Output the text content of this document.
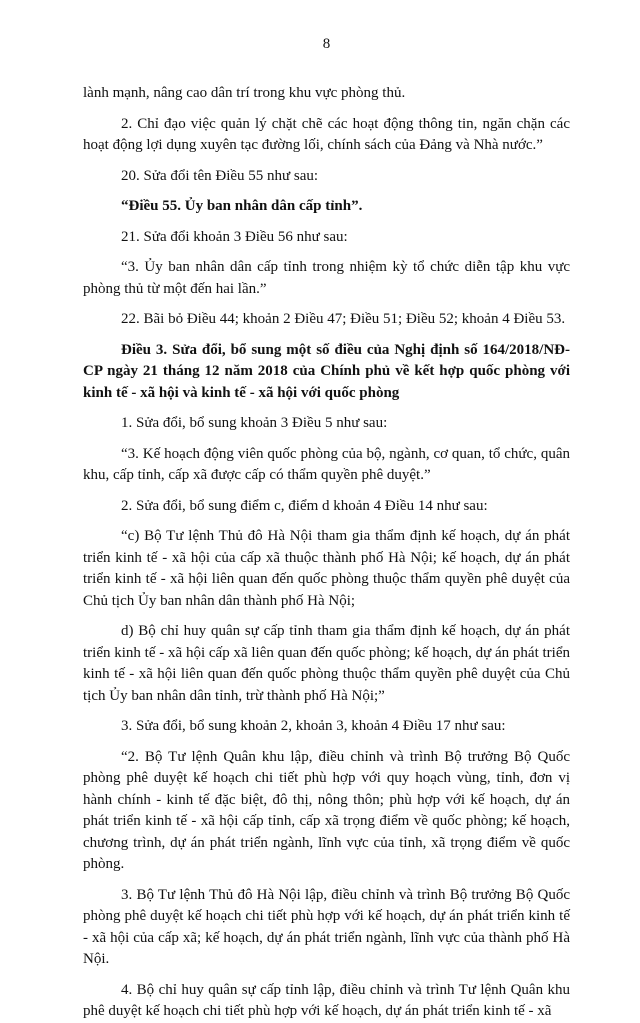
8

lành mạnh, nâng cao dân trí trong khu vực phòng thủ.

2. Chỉ đạo việc quản lý chặt chẽ các hoạt động thông tin, ngăn chặn các hoạt động lợi dụng xuyên tạc đường lối, chính sách của Đảng và Nhà nước.”

20. Sửa đổi tên Điều 55 như sau:

“Điều 55. Ủy ban nhân dân cấp tỉnh”.

21. Sửa đổi khoản 3 Điều 56 như sau:

“3. Ủy ban nhân dân cấp tỉnh trong nhiệm kỳ tổ chức diễn tập khu vực phòng thủ từ một đến hai lần.”

22. Bãi bỏ Điều 44; khoản 2 Điều 47; Điều 51; Điều 52; khoản 4 Điều 53.

Điều 3. Sửa đổi, bổ sung một số điều của Nghị định số 164/2018/NĐ-CP ngày 21 tháng 12 năm 2018 của Chính phủ về kết hợp quốc phòng với kinh tế - xã hội và kinh tế - xã hội với quốc phòng

1. Sửa đổi, bổ sung khoản 3 Điều 5 như sau:

“3. Kế hoạch động viên quốc phòng của bộ, ngành, cơ quan, tổ chức, quân khu, cấp tỉnh, cấp xã được cấp có thẩm quyền phê duyệt.”

2. Sửa đổi, bổ sung điểm c, điểm d khoản 4 Điều 14 như sau:

“c) Bộ Tư lệnh Thủ đô Hà Nội tham gia thẩm định kế hoạch, dự án phát triển kinh tế - xã hội của cấp xã thuộc thành phố Hà Nội; kế hoạch, dự án phát triển kinh tế - xã hội liên quan đến quốc phòng thuộc thẩm quyền phê duyệt của Chủ tịch Ủy ban nhân dân thành phố Hà Nội;

d) Bộ chỉ huy quân sự cấp tỉnh tham gia thẩm định kế hoạch, dự án phát triển kinh tế - xã hội cấp xã liên quan đến quốc phòng; kế hoạch, dự án phát triển kinh tế - xã hội liên quan đến quốc phòng thuộc thẩm quyền phê duyệt của Chủ tịch Ủy ban nhân dân tỉnh, trừ thành phố Hà Nội;”

3. Sửa đổi, bổ sung khoản 2, khoản 3, khoản 4 Điều 17 như sau:

“2. Bộ Tư lệnh Quân khu lập, điều chỉnh và trình Bộ trưởng Bộ Quốc phòng phê duyệt kế hoạch chi tiết phù hợp với quy hoạch vùng, tỉnh, đơn vị hành chính - kinh tế đặc biệt, đô thị, nông thôn; phù hợp với kế hoạch, dự án phát triển kinh tế - xã hội cấp tỉnh, cấp xã trọng điểm về quốc phòng; kế hoạch, chương trình, dự án phát triển ngành, lĩnh vực của tỉnh, xã trọng điểm về quốc phòng.

3. Bộ Tư lệnh Thủ đô Hà Nội lập, điều chỉnh và trình Bộ trưởng Bộ Quốc phòng phê duyệt kế hoạch chi tiết phù hợp với kế hoạch, dự án phát triển kinh tế - xã hội của cấp xã; kế hoạch, dự án phát triển ngành, lĩnh vực của thành phố Hà Nội.

4. Bộ chỉ huy quân sự cấp tỉnh lập, điều chỉnh và trình Tư lệnh Quân khu phê duyệt kế hoạch chi tiết phù hợp với kế hoạch, dự án phát triển kinh tế - xã
